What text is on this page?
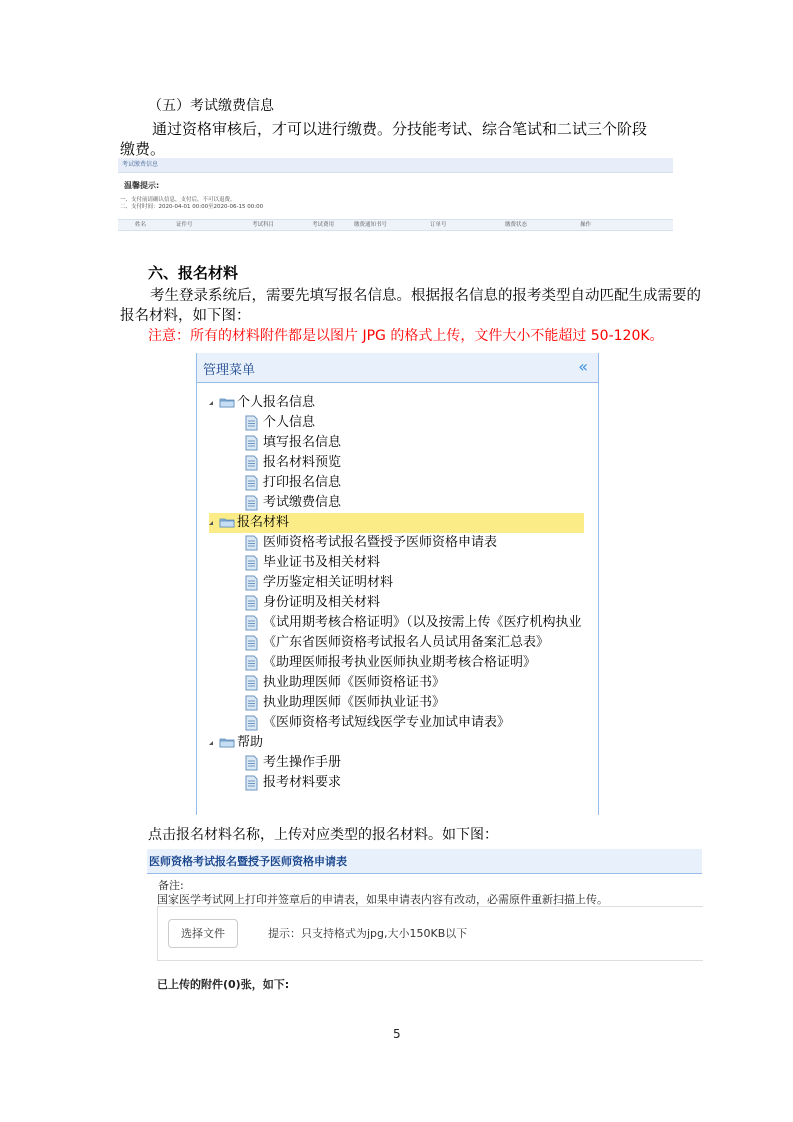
（五）考试缴费信息
通过资格审核后，才可以进行缴费。分技能考试、综合笔试和二试三个阶段
缴费。
考试缴费信息
温馨提示:
一、支付前请确认信息，支付后，不可以退费。
二、支付时间：2020-04-01 00:00至2020-06-15 00:00
姓名	证件号	考试科目	考试费用	缴费通知书号	订单号	缴费状态	操作
六、报名材料
考生登录系统后，需要先填写报名信息。根据报名信息的报考类型自动匹配生成需要的
报名材料，如下图：
注意：所有的材料附件都是以图片 JPG 的格式上传，文件大小不能超过 50-120K。
管理菜单	«
个人报名信息
个人信息
填写报名信息
报名材料预览
打印报名信息
考试缴费信息
报名材料
医师资格考试报名暨授予医师资格申请表
毕业证书及相关材料
学历鉴定相关证明材料
身份证明及相关材料
《试用期考核合格证明》（以及按需上传《医疗机构执业
《广东省医师资格考试报名人员试用备案汇总表》
《助理医师报考执业医师执业期考核合格证明》
执业助理医师《医师资格证书》
执业助理医师《医师执业证书》
《医师资格考试短线医学专业加试申请表》
帮助
考生操作手册
报考材料要求
点击报名材料名称，上传对应类型的报名材料。如下图：
医师资格考试报名暨授予医师资格申请表
备注:
国家医学考试网上打印并签章后的申请表，如果申请表内容有改动，必需原件重新扫描上传。
选择文件	提示：只支持格式为jpg,大小150KB以下
已上传的附件(0)张，如下:
5
